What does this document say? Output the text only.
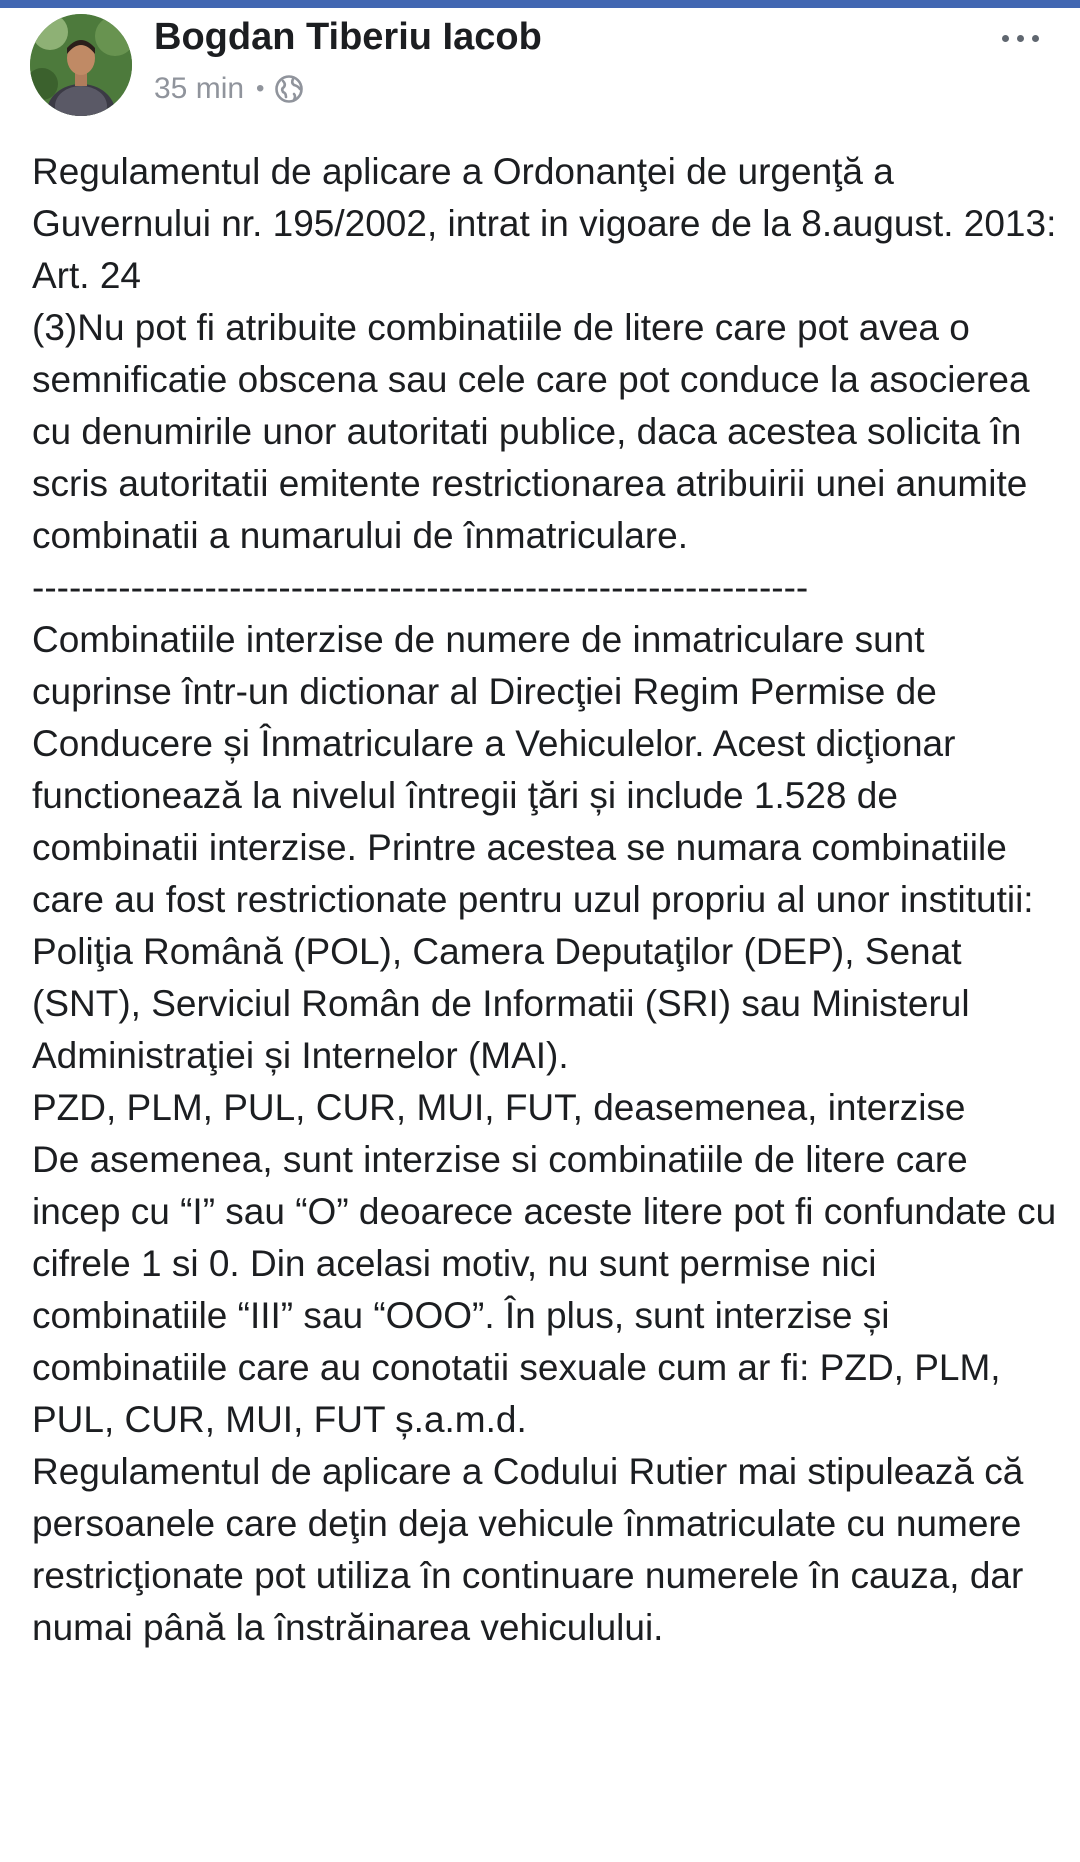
Bogdan Tiberiu Iacob
35 min •

Regulamentul de aplicare a Ordonanţei de urgenţă a Guvernului nr. 195/2002, intrat in vigoare de la 8.august. 2013:

Art. 24

(3)Nu pot fi atribuite combinatiile de litere care pot avea o semnificatie obscena sau cele care pot conduce la asocierea cu denumirile unor autoritati publice, daca acestea solicita în scris autoritatii emitente restrictionarea atribuirii unei anumite combinatii a numarului de înmatriculare.

---------------------------------------------------------------

Combinatiile interzise de numere de inmatriculare sunt cuprinse într-un dictionar al Direcţiei Regim Permise de Conducere și Înmatriculare a Vehiculelor. Acest dicţionar functionează la nivelul întregii ţări și include 1.528 de combinatii interzise. Printre acestea se numara combinatiile care au fost restrictionate pentru uzul propriu al unor institutii: Poliţia Română (POL), Camera Deputaţilor (DEP), Senat (SNT), Serviciul Român de Informatii (SRI) sau Ministerul Administraţiei și Internelor (MAI).

PZD, PLM, PUL, CUR, MUI, FUT, deasemenea, interzise

De asemenea, sunt interzise si combinatiile de litere care incep cu “I” sau “O” deoarece aceste litere pot fi confundate cu cifrele 1 si 0. Din acelasi motiv, nu sunt permise nici combinatiile “III” sau “OOO”. În plus, sunt interzise și combinatiile care au conotatii sexuale cum ar fi: PZD, PLM, PUL, CUR, MUI, FUT ș.a.m.d.

Regulamentul de aplicare a Codului Rutier mai stipulează că persoanele care deţin deja vehicule înmatriculate cu numere restricţionate pot utiliza în continuare numerele în cauza, dar numai până la înstrăinarea vehiculului.
